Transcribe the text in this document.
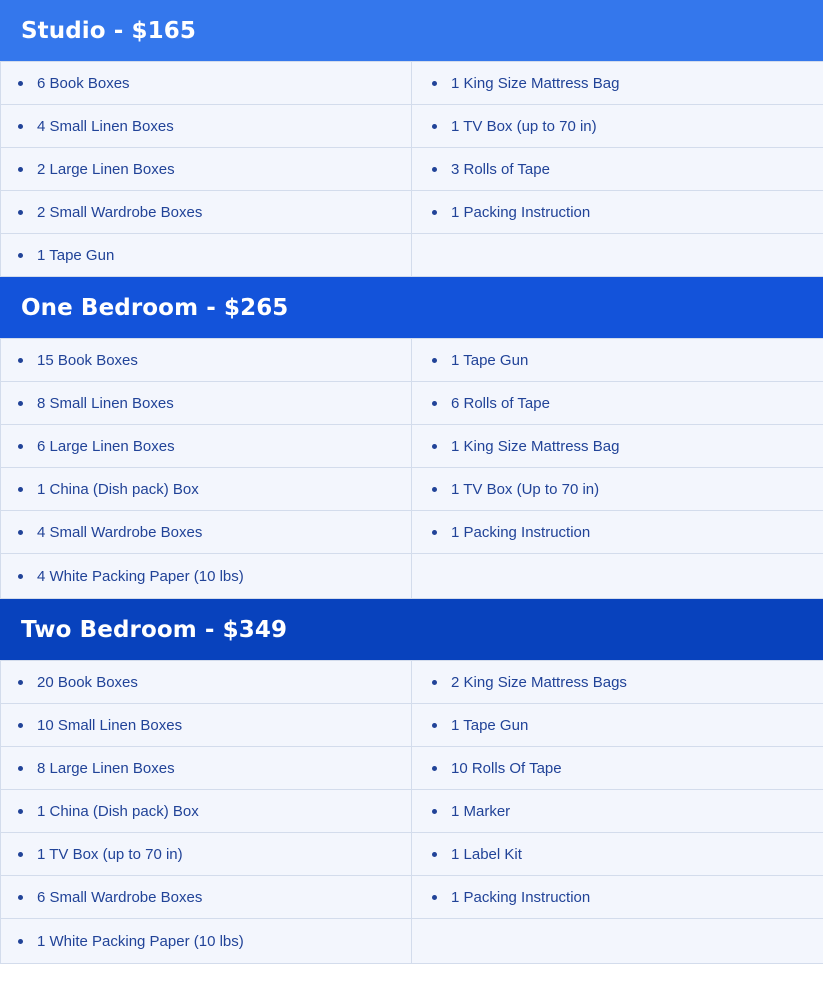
Studio - $165
6 Book Boxes	1 King Size Mattress Bag

4 Small Linen Boxes	1 TV Box (up to 70 in)

2 Large Linen Boxes	3 Rolls of Tape

2 Small Wardrobe Boxes	1 Packing Instruction

1 Tape Gun	

One Bedroom - $265
15 Book Boxes	1 Tape Gun

8 Small Linen Boxes	6 Rolls of Tape

6 Large Linen Boxes	1 King Size Mattress Bag

1 China (Dish pack) Box	1 TV Box (Up to 70 in)

4 Small Wardrobe Boxes	1 Packing Instruction

4 White Packing Paper (10 lbs)	

Two Bedroom - $349
20 Book Boxes	2 King Size Mattress Bags

10 Small Linen Boxes	1 Tape Gun

8 Large Linen Boxes	10 Rolls Of Tape

1 China (Dish pack) Box	1 Marker

1 TV Box (up to 70 in)	1 Label Kit

6 Small Wardrobe Boxes	1 Packing Instruction

1 White Packing Paper (10 lbs)	
